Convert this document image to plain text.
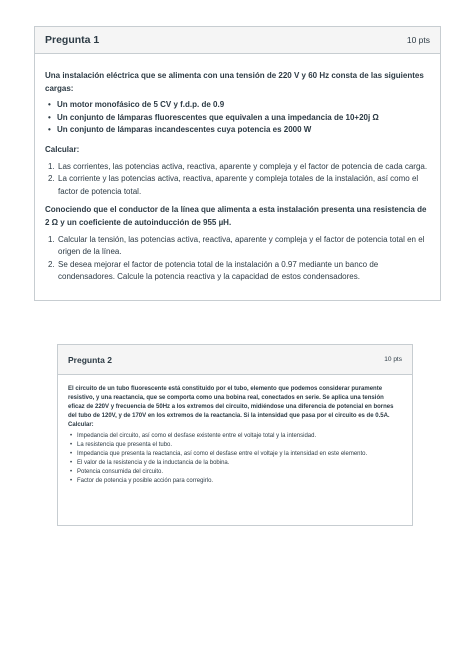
Pregunta 1	10 pts

Una instalación eléctrica que se alimenta con una tensión de 220 V y 60 Hz consta de las siguientes cargas:

• Un motor monofásico de 5 CV y f.d.p. de 0.9
• Un conjunto de lámparas fluorescentes que equivalen a una impedancia de 10+20j Ω
• Un conjunto de lámparas incandescentes cuya potencia es 2000 W

Calcular:

1. Las corrientes, las potencias activa, reactiva, aparente y compleja y el factor de potencia de cada carga.
2. La corriente y las potencias activa, reactiva, aparente y compleja totales de la instalación, así como el factor de potencia total.

Conociendo que el conductor de la línea que alimenta a esta instalación presenta una resistencia de 2 Ω y un coeficiente de autoinducción de 955 µH.

1. Calcular la tensión, las potencias activa, reactiva, aparente y compleja y el factor de potencia total en el origen de la línea.
2. Se desea mejorar el factor de potencia total de la instalación a 0.97 mediante un banco de condensadores. Calcule la potencia reactiva y la capacidad de estos condensadores.
Pregunta 2	10 pts

El circuito de un tubo fluorescente está constituido por el tubo, elemento que podemos considerar puramente resistivo, y una reactancia, que se comporta como una bobina real, conectados en serie. Se aplica una tensión eficaz de 220V y frecuencia de 50Hz a los extremos del circuito, midiéndose una diferencia de potencial en bornes del tubo de 120V, y de 170V en los extremos de la reactancia. Si la intensidad que pasa por el circuito es de 0.5A. Calcular:

• Impedancia del circuito, así como el desfase existente entre el voltaje total y la intensidad.
• La resistencia que presenta el tubo.
• Impedancia que presenta la reactancia, así como el desfase entre el voltaje y la intensidad en este elemento.
• El valor de la resistencia y de la inductancia de la bobina.
• Potencia consumida del circuito.
• Factor de potencia y posible acción para corregirlo.
